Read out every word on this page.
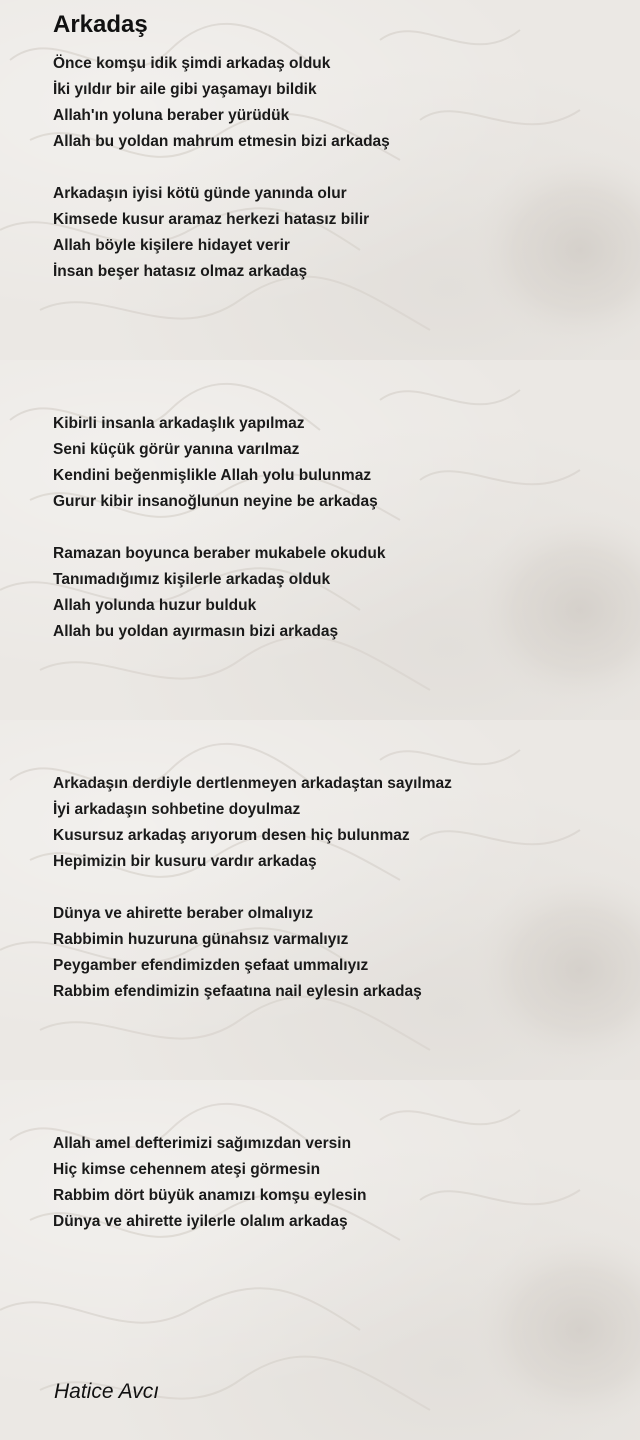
Arkadaş
Önce komşu idik şimdi arkadaş olduk
İki yıldır bir aile gibi yaşamayı bildik
Allah'ın yoluna beraber yürüdük
Allah bu yoldan mahrum etmesin bizi arkadaş
Arkadaşın iyisi kötü günde yanında olur
Kimsede kusur aramaz herkezi hatasız bilir
Allah böyle kişilere hidayet verir
İnsan beşer hatasız olmaz arkadaş
Kibirli insanla arkadaşlık yapılmaz
Seni küçük görür yanına varılmaz
Kendini beğenmişlikle Allah yolu bulunmaz
Gurur kibir insanoğlunun neyine be arkadaş
Ramazan boyunca beraber mukabele okuduk
Tanımadığımız kişilerle arkadaş olduk
Allah yolunda huzur bulduk
Allah bu yoldan ayırmasın bizi arkadaş
Arkadaşın derdiyle dertlenmeyen arkadaştan sayılmaz
İyi arkadaşın sohbetine doyulmaz
Kusursuz arkadaş arıyorum desen hiç bulunmaz
Hepimizin bir kusuru vardır arkadaş
Dünya ve ahirette beraber olmalıyız
Rabbimin huzuruna günahsız varmalıyız
Peygamber efendimizden şefaat ummalıyız
Rabbim efendimizin şefaatına nail eylesin arkadaş
Allah amel defterimizi sağımızdan versin
Hiç kimse cehennem ateşi görmesin
Rabbim dört büyük anamızı komşu eylesin
Dünya ve ahirette iyilerle olalım arkadaş
Hatice Avcı
